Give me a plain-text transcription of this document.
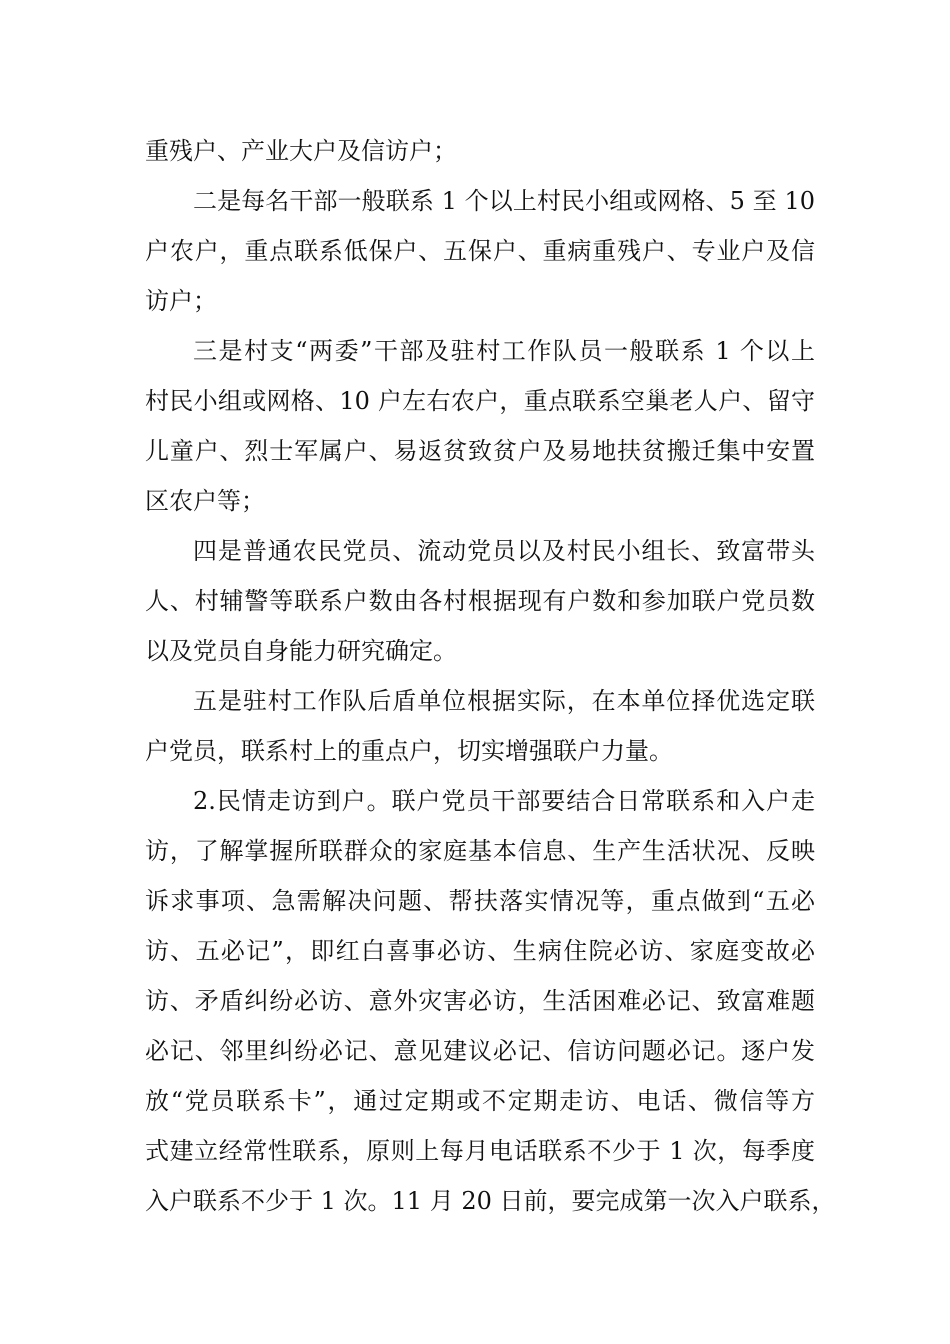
重残户、产业大户及信访户；
二是每名干部一般联系 1 个以上村民小组或网格、5 至 10
户农户，重点联系低保户、五保户、重病重残户、专业户及信
访户；
三是村支“两委”干部及驻村工作队员一般联系 1 个以上
村民小组或网格、10 户左右农户，重点联系空巢老人户、留守
儿童户、烈士军属户、易返贫致贫户及易地扶贫搬迁集中安置
区农户等；
四是普通农民党员、流动党员以及村民小组长、致富带头
人、村辅警等联系户数由各村根据现有户数和参加联户党员数
以及党员自身能力研究确定。
五是驻村工作队后盾单位根据实际，在本单位择优选定联
户党员，联系村上的重点户，切实增强联户力量。
2.民情走访到户。联户党员干部要结合日常联系和入户走
访，了解掌握所联群众的家庭基本信息、生产生活状况、反映
诉求事项、急需解决问题、帮扶落实情况等，重点做到“五必
访、五必记”，即红白喜事必访、生病住院必访、家庭变故必
访、矛盾纠纷必访、意外灾害必访，生活困难必记、致富难题
必记、邻里纠纷必记、意见建议必记、信访问题必记。逐户发
放“党员联系卡”，通过定期或不定期走访、电话、微信等方
式建立经常性联系，原则上每月电话联系不少于 1 次，每季度
入户联系不少于 1 次。11 月 20 日前，要完成第一次入户联系，
